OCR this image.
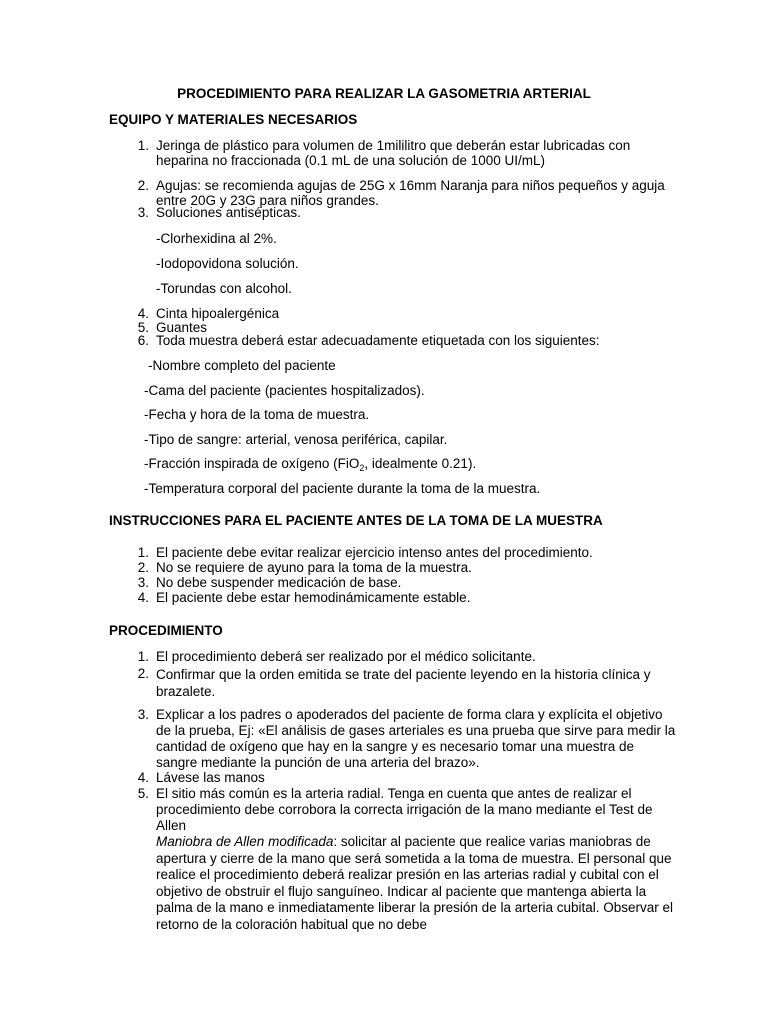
PROCEDIMIENTO PARA REALIZAR LA GASOMETRIA ARTERIAL
EQUIPO Y MATERIALES NECESARIOS
1. Jeringa de plástico para volumen de 1mililitro que deberán estar lubricadas con heparina no fraccionada (0.1 mL de una solución de 1000 UI/mL)
2. Agujas: se recomienda agujas de 25G x 16mm Naranja para niños pequeños y aguja entre 20G y 23G para niños grandes.
3. Soluciones antisépticas.
-Clorhexidina al 2%.
-Iodopovidona solución.
-Torundas con alcohol.
4. Cinta hipoalergénica
5. Guantes
6. Toda muestra deberá estar adecuadamente etiquetada con los siguientes:
-Nombre completo del paciente
-Cama del paciente (pacientes hospitalizados).
-Fecha y hora de la toma de muestra.
-Tipo de sangre: arterial, venosa periférica, capilar.
-Fracción inspirada de oxígeno (FiO$_2$, idealmente 0.21).
-Temperatura corporal del paciente durante la toma de la muestra.
INSTRUCCIONES PARA EL PACIENTE ANTES DE LA TOMA DE LA MUESTRA
1. El paciente debe evitar realizar ejercicio intenso antes del procedimiento.
2. No se requiere de ayuno para la toma de la muestra.
3. No debe suspender medicación de base.
4. El paciente debe estar hemodinámicamente estable.
PROCEDIMIENTO
1. El procedimiento deberá ser realizado por el médico solicitante.
2. Confirmar que la orden emitida se trate del paciente leyendo en la historia clínica y brazalete.
3. Explicar a los padres o apoderados del paciente de forma clara y explícita el objetivo de la prueba, Ej: «El análisis de gases arteriales es una prueba que sirve para medir la cantidad de oxígeno que hay en la sangre y es necesario tomar una muestra de sangre mediante la punción de una arteria del brazo».
4. Lávese las manos
5. El sitio más común es la arteria radial. Tenga en cuenta que antes de realizar el procedimiento debe corrobora la correcta irrigación de la mano mediante el Test de Allen
Maniobra de Allen modificada: solicitar al paciente que realice varias maniobras de apertura y cierre de la mano que será sometida a la toma de muestra. El personal que realice el procedimiento deberá realizar presión en las arterias radial y cubital con el objetivo de obstruir el flujo sanguíneo. Indicar al paciente que mantenga abierta la palma de la mano e inmediatamente liberar la presión de la arteria cubital. Observar el retorno de la coloración habitual que no debe
